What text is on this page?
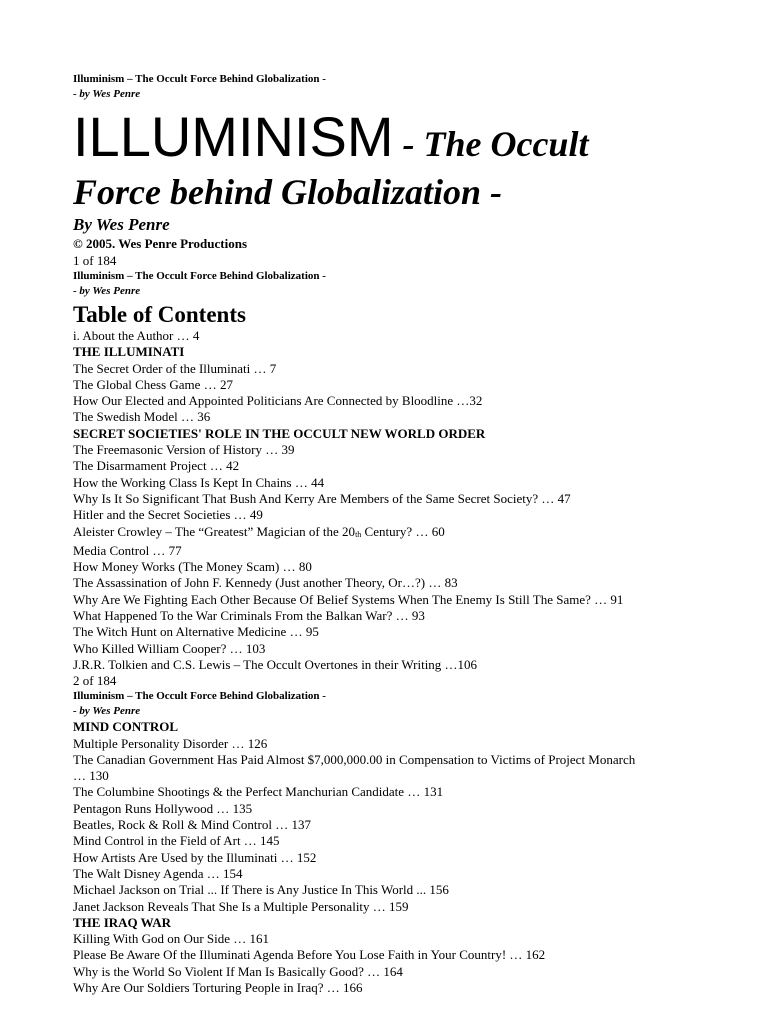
Illuminism – The Occult Force Behind Globalization -
- by Wes Penre
ILLUMINISM - The Occult
Force behind Globalization -
By Wes Penre
© 2005. Wes Penre Productions
1 of 184
Illuminism – The Occult Force Behind Globalization -
- by Wes Penre
Table of Contents
i. About the Author … 4
THE ILLUMINATI
The Secret Order of the Illuminati … 7
The Global Chess Game … 27
How Our Elected and Appointed Politicians Are Connected by Bloodline …32
The Swedish Model … 36
SECRET SOCIETIES' ROLE IN THE OCCULT NEW WORLD ORDER
The Freemasonic Version of History … 39
The Disarmament Project … 42
How the Working Class Is Kept In Chains … 44
Why Is It So Significant That Bush And Kerry Are Members of the Same Secret Society? … 47
Hitler and the Secret Societies … 49
Aleister Crowley – The “Greatest” Magician of the $20_{th}$ Century? … 60
Media Control … 77
How Money Works (The Money Scam) … 80
The Assassination of John F. Kennedy (Just another Theory, Or…?) … 83
Why Are We Fighting Each Other Because Of Belief Systems When The Enemy Is Still The Same? … 91
What Happened To the War Criminals From the Balkan War? … 93
The Witch Hunt on Alternative Medicine … 95
Who Killed William Cooper? … 103
J.R.R. Tolkien and C.S. Lewis – The Occult Overtones in their Writing …106
2 of 184
Illuminism – The Occult Force Behind Globalization -
- by Wes Penre
MIND CONTROL
Multiple Personality Disorder … 126
The Canadian Government Has Paid Almost $7,000,000.00 in Compensation to Victims of Project Monarch
… 130
The Columbine Shootings & the Perfect Manchurian Candidate … 131
Pentagon Runs Hollywood … 135
Beatles, Rock & Roll & Mind Control … 137
Mind Control in the Field of Art … 145
How Artists Are Used by the Illuminati … 152
The Walt Disney Agenda … 154
Michael Jackson on Trial ... If There is Any Justice In This World ... 156
Janet Jackson Reveals That She Is a Multiple Personality … 159
THE IRAQ WAR
Killing With God on Our Side … 161
Please Be Aware Of the Illuminati Agenda Before You Lose Faith in Your Country! … 162
Why is the World So Violent If Man Is Basically Good? … 164
Why Are Our Soldiers Torturing People in Iraq? … 166
